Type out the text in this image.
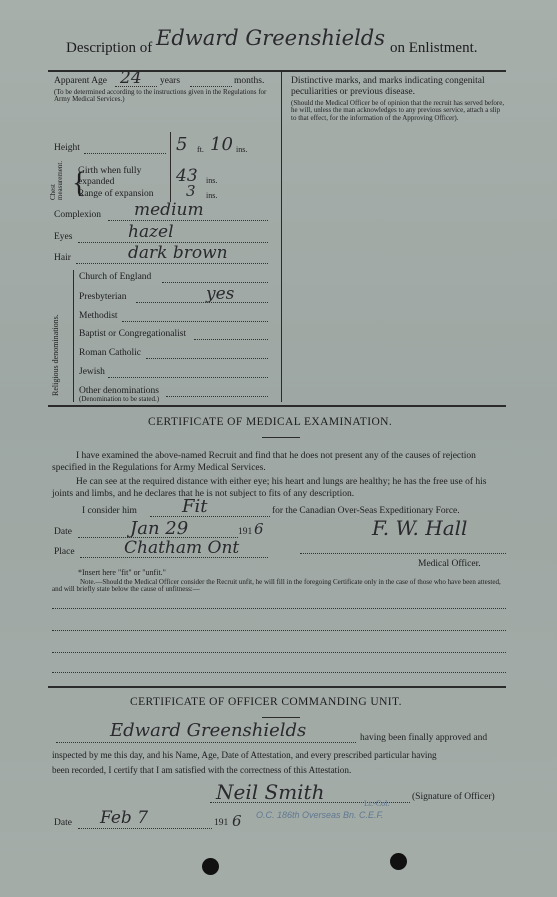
Description of Edward Greenshields on Enlistment.
Apparent Age 24 years	months.
(To be determined according to the instructions given in the Regulations for Army Medical Services.)
Height	5 ft. 10 ins.
Chest measurement. {
Girth when fully expanded	43 ins.
Range of expansion 3 ins.
Complexion medium
Eyes	hazel
Hair	dark brown
Religious denominations.
Church of England
Presbyterian	yes
Methodist
Baptist or Congregationalist
Roman Catholic
Jewish
Other denominations
(Denomination to be stated.)
Distinctive marks, and marks indicating congenital peculiarities or previous disease.
(Should the Medical Officer be of opinion that the recruit has served before, he will, unless the man acknowledges to any previous service, attach a slip to that effect, for the information of the Approving Officer).
CERTIFICATE OF MEDICAL EXAMINATION.
I have examined the above-named Recruit and find that he does not present any of the causes of rejection specified in the Regulations for Army Medical Services.
He can see at the required distance with either eye; his heart and lungs are healthy; he has the free use of his joints and limbs, and he declares that he is not subject to fits of any description.
I consider him	Fit	for the Canadian Over-Seas Expeditionary Force.
Date	Jan 29	191 6	F. W. Hall
Place	Chatham Ont
Medical Officer.
*Insert here "fit" or "unfit."
Note.—Should the Medical Officer consider the Recruit unfit, he will fill in the foregoing Certificate only in the case of those who have been attested, and will briefly state below the cause of unfitness:—
CERTIFICATE OF OFFICER COMMANDING UNIT.
Edward Greenshields	having been finally approved and
inspected by me this day, and his Name, Age, Date of Attestation, and every prescribed particular having
been recorded, I certify that I am satisfied with the correctness of this Attestation.
Neil Smith	Lt.-Col.
O.C. 186th Overseas Bn. C.E.F.
(Signature of Officer)
Date Feb 7	191 6
